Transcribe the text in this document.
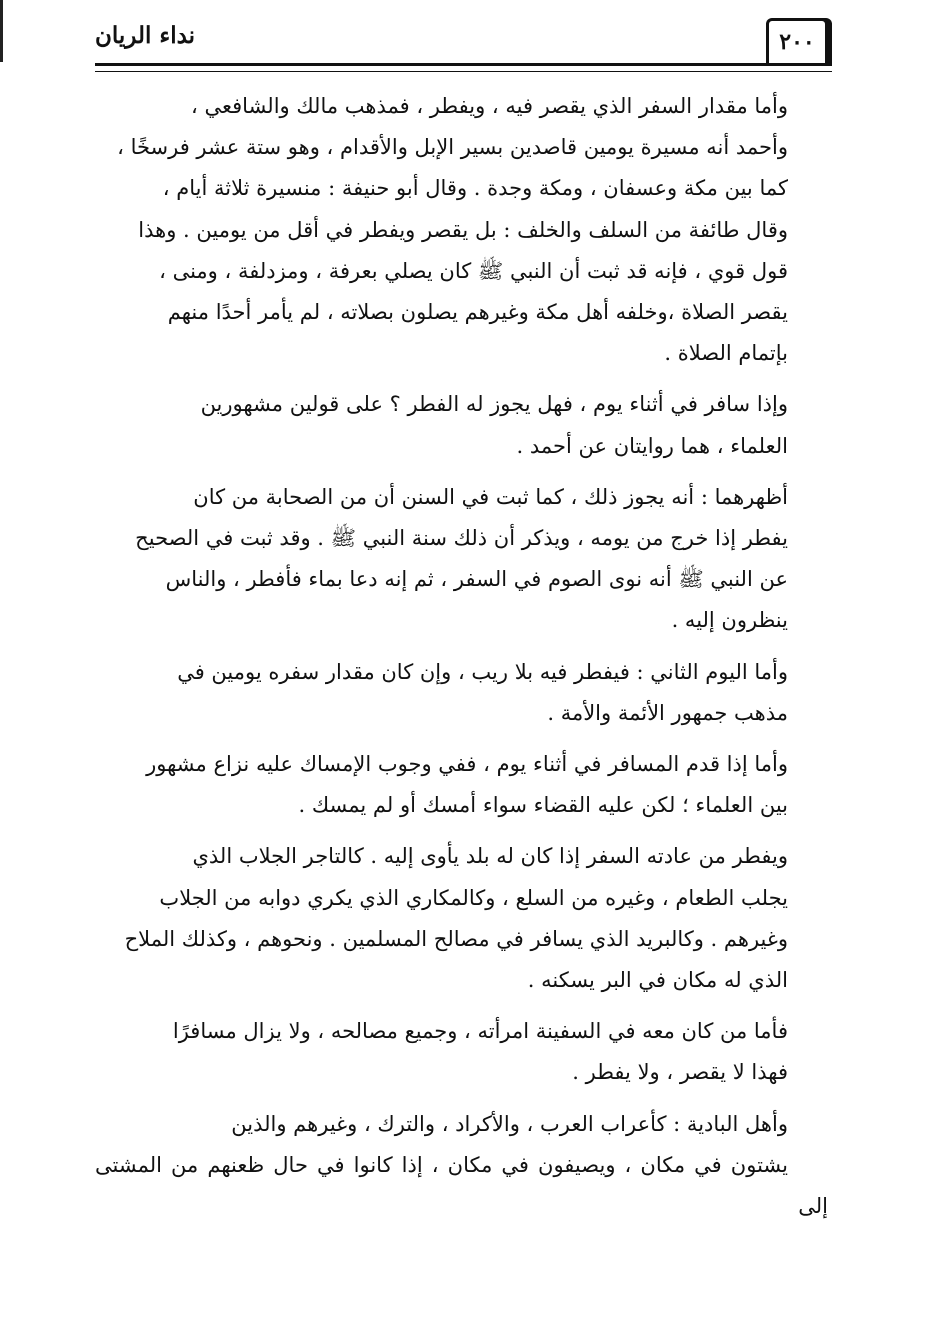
نداء الريان	٢٠٠

وأما مقدار السفر الذي يقصر فيه ، ويفطر ، فمذهب مالك والشافعي ،
وأحمد أنه مسيرة يومين قاصدين بسير الإبل والأقدام ، وهو ستة عشر فرسخًا ،
كما بين مكة وعسفان ، ومكة وجدة . وقال أبو حنيفة : منسيرة ثلاثة أيام ،
وقال طائفة من السلف والخلف : بل يقصر ويفطر في أقل من يومين . وهذا
قول قوي ، فإنه قد ثبت أن النبي ﷺ كان يصلي بعرفة ، ومزدلفة ، ومنى ،
يقصر الصلاة ،وخلفه أهل مكة وغيرهم يصلون بصلاته ، لم يأمر أحدًا منهم
بإتمام الصلاة .

وإذا سافر في أثناء يوم ، فهل يجوز له الفطر ؟ على قولين مشهورين
العلماء ، هما روايتان عن أحمد .

أظهرهما : أنه يجوز ذلك ، كما ثبت في السنن أن من الصحابة من كان
يفطر إذا خرج من يومه ، ويذكر أن ذلك سنة النبي ﷺ . وقد ثبت في الصحيح
عن النبي ﷺ أنه نوى الصوم في السفر ، ثم إنه دعا بماء فأفطر ، والناس
ينظرون إليه .

وأما اليوم الثاني : فيفطر فيه بلا ريب ، وإن كان مقدار سفره يومين في
مذهب جمهور الأئمة والأمة .

وأما إذا قدم المسافر في أثناء يوم ، ففي وجوب الإمساك عليه نزاع مشهور
بين العلماء ؛ لكن عليه القضاء سواء أمسك أو لم يمسك .

ويفطر من عادته السفر إذا كان له بلد يأوى إليه . كالتاجر الجلاب الذي
يجلب الطعام ، وغيره من السلع ، وكالمكاري الذي يكري دوابه من الجلاب
وغيرهم . وكالبريد الذي يسافر في مصالح المسلمين . ونحوهم ، وكذلك الملاح
الذي له مكان في البر يسكنه .

فأما من كان معه في السفينة امرأته ، وجميع مصالحه ، ولا يزال مسافرًا
فهذا لا يقصر ، ولا يفطر .

وأهل البادية : كأعراب العرب ، والأكراد ، والترك ، وغيرهم والذين
يشتون في مكان ، ويصيفون في مكان ، إذا كانوا في حال ظعنهم من المشتى إلى
